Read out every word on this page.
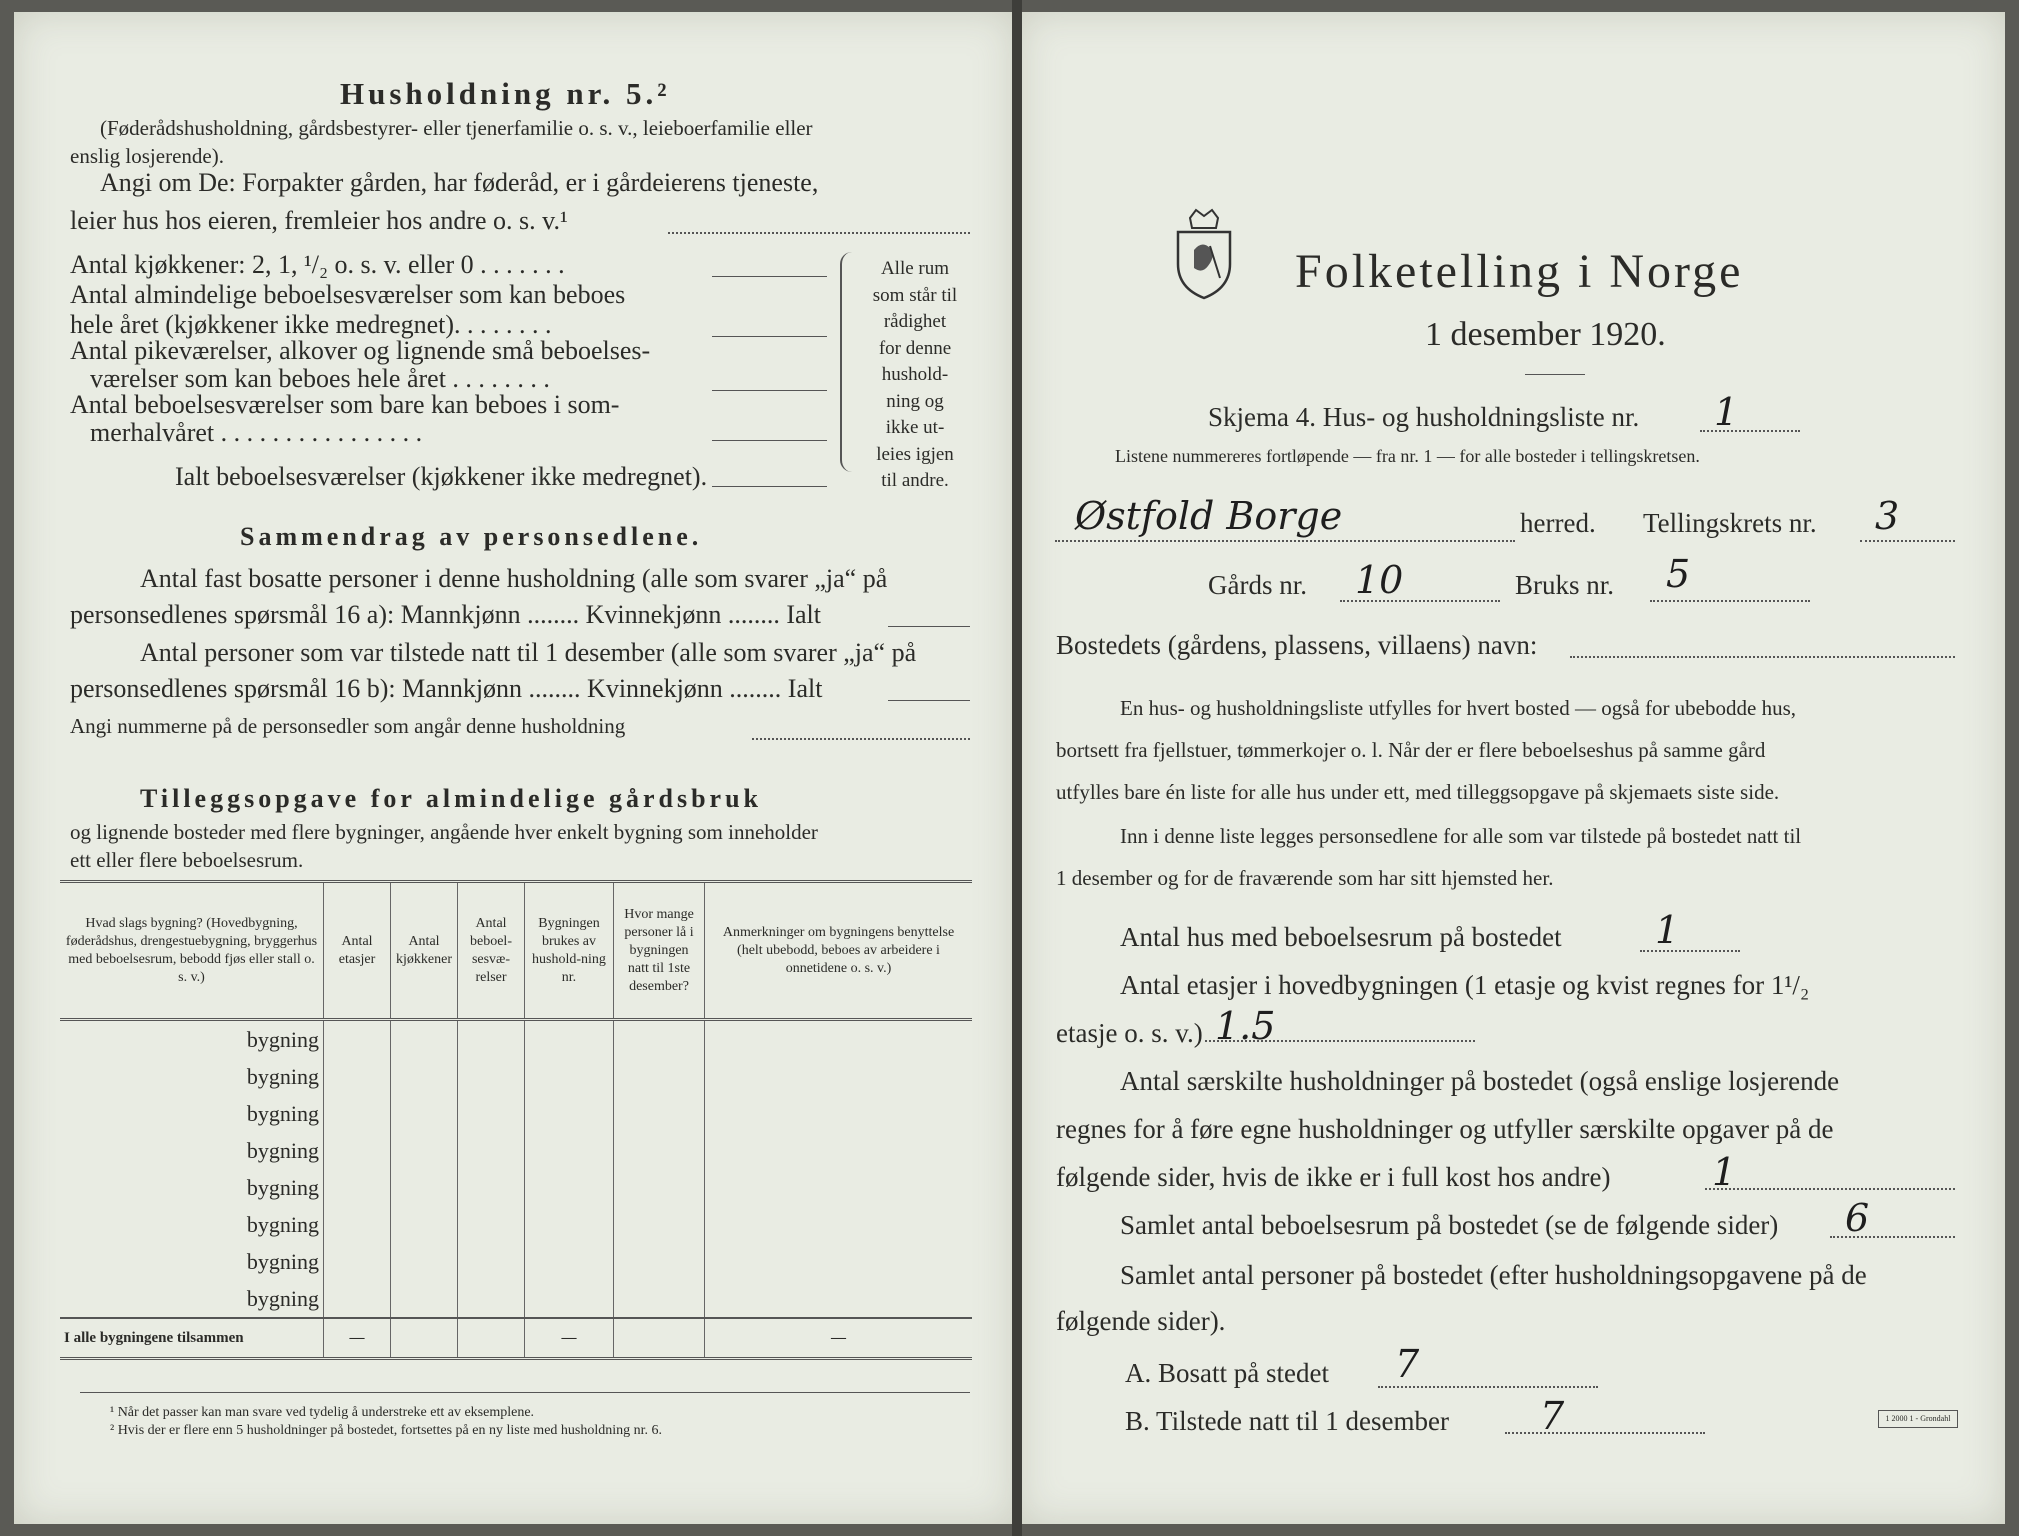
Husholdning nr. 5.²
(Føderådshusholdning, gårdsbestyrer- eller tjenerfamilie o. s. v., leieboerfamilie eller
enslig losjerende).
Angi om De: Forpakter gården, har føderåd, er i gårdeierens tjeneste,
leier hus hos eieren, fremleier hos andre o. s. v.¹
Antal kjøkkener: 2, 1, ¹/₂ o. s. v. eller 0 . . . . . . .
Antal almindelige beboelsesværelser som kan beboes
hele året (kjøkkener ikke medregnet). . . . . . . .
Antal pikeværelser, alkover og lignende små beboelses-
værelser som kan beboes hele året . . . . . . . .
Antal beboelsesværelser som bare kan beboes i som-
merhalvåret . . . . . . . . . . . . . . . .
Ialt beboelsesværelser (kjøkkener ikke medregnet).
Alle rum
som står til
rådighet
for denne
hushold-
ning og
ikke ut-
leies igjen
til andre.
Sammendrag av personsedlene.
Antal fast bosatte personer i denne husholdning (alle som svarer „ja“ på
personsedlenes spørsmål 16 a): Mannkjønn ........ Kvinnekjønn ........ Ialt
Antal personer som var tilstede natt til 1 desember (alle som svarer „ja“ på
personsedlenes spørsmål 16 b): Mannkjønn ........ Kvinnekjønn ........ Ialt
Angi nummerne på de personsedler som angår denne husholdning
Tilleggsopgave for almindelige gårdsbruk
og lignende bosteder med flere bygninger, angående hver enkelt bygning som inneholder
ett eller flere beboelsesrum.
Hvad slags bygning? (Hovedbygning, føderådshus, drengestuebygning, bryggerhus med beboelsesrum, bebodd fjøs eller stall o. s. v.)	Antal etasjer	Antal kjøkkener	Antal beboel-sesvæ-relser	Bygningen brukes av hushold-ning nr.	Hvor mange personer lå i bygningen natt til 1ste desember?	Anmerkninger om bygningens benyttelse (helt ubebodd, beboes av arbeidere i onnetidene o. s. v.)
bygning						
bygning						
bygning						
bygning						
bygning						
bygning						
bygning						
bygning						
I alle bygningene tilsammen	—			—		—
¹ Når det passer kan man svare ved tydelig å understreke ett av eksemplene.
² Hvis der er flere enn 5 husholdninger på bostedet, fortsettes på en ny liste med husholdning nr. 6.
Folketelling i Norge
1 desember 1920.
Skjema 4. Hus- og husholdningsliste nr. 1
Listene nummereres fortløpende — fra nr. 1 — for alle bosteder i tellingskretsen.
Østfold Borge	herred. Tellingskrets nr. 3
Gårds nr. 10	Bruks nr. 5
Bostedets (gårdens, plassens, villaens) navn:
En hus- og husholdningsliste utfylles for hvert bosted — også for ubebodde hus,
bortsett fra fjellstuer, tømmerkojer o. l. Når der er flere beboelseshus på samme gård
utfylles bare én liste for alle hus under ett, med tilleggsopgave på skjemaets siste side.
Inn i denne liste legges personsedlene for alle som var tilstede på bostedet natt til
1 desember og for de fraværende som har sitt hjemsted her.
Antal hus med beboelsesrum på bostedet 1
Antal etasjer i hovedbygningen (1 etasje og kvist regnes for 1¹/₂
etasje o. s. v.) 1.5
Antal særskilte husholdninger på bostedet (også enslige losjerende
regnes for å føre egne husholdninger og utfyller særskilte opgaver på de
følgende sider, hvis de ikke er i full kost hos andre)	1
Samlet antal beboelsesrum på bostedet (se de følgende sider) 6
Samlet antal personer på bostedet (efter husholdningsopgavene på de
følgende sider).
A. Bosatt på stedet 7
B. Tilstede natt til 1 desember 7	1 2000 1 - Grondahl
